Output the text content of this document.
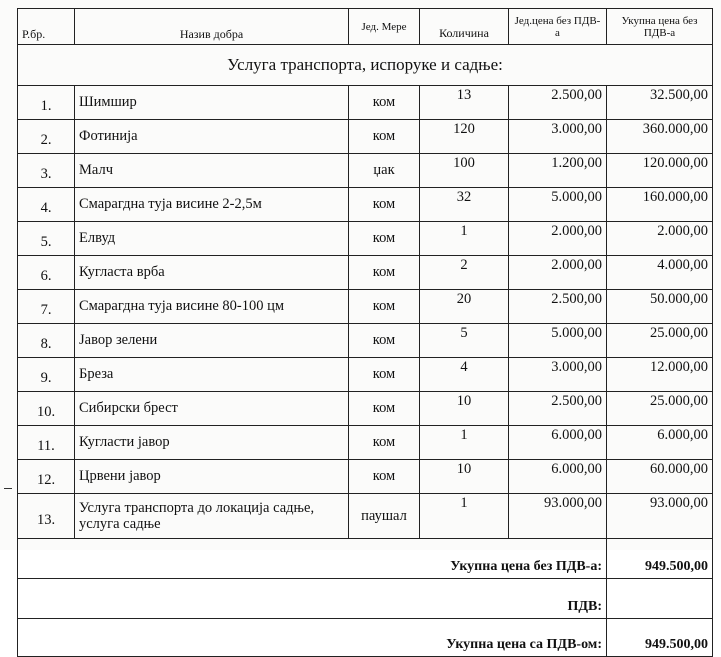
Р.бр.	Назив добра	Јед. Мере	Количина	Јед.цена без ПДВ-а	Укупна цена без ПДВ-а
Услуга транспорта, испоруке и садње:					
1.	Шимшир	ком	13	2.500,00	32.500,00
2.	Фотинија	ком	120	3.000,00	360.000,00
3.	Малч	џак	100	1.200,00	120.000,00
4.	Смарагдна туја висине 2-2,5м	ком	32	5.000,00	160.000,00
5.	Елвуд	ком	1	2.000,00	2.000,00
6.	Кугласта врба	ком	2	2.000,00	4.000,00
7.	Смарагдна туја висине 80-100 цм	ком	20	2.500,00	50.000,00
8.	Јавор зелени	ком	5	5.000,00	25.000,00
9.	Бреза	ком	4	3.000,00	12.000,00
10.	Сибирски брест	ком	10	2.500,00	25.000,00
11.	Кугласти јавор	ком	1	6.000,00	6.000,00
12.	Црвени јавор	ком	10	6.000,00	60.000,00
13.	Услуга транспорта до локација садње, услуга садње	паушал	1	93.000,00	93.000,00
Укупна цена без ПДВ-а:					949.500,00
ПДВ:					
Укупна цена са ПДВ-ом:					949.500,00
